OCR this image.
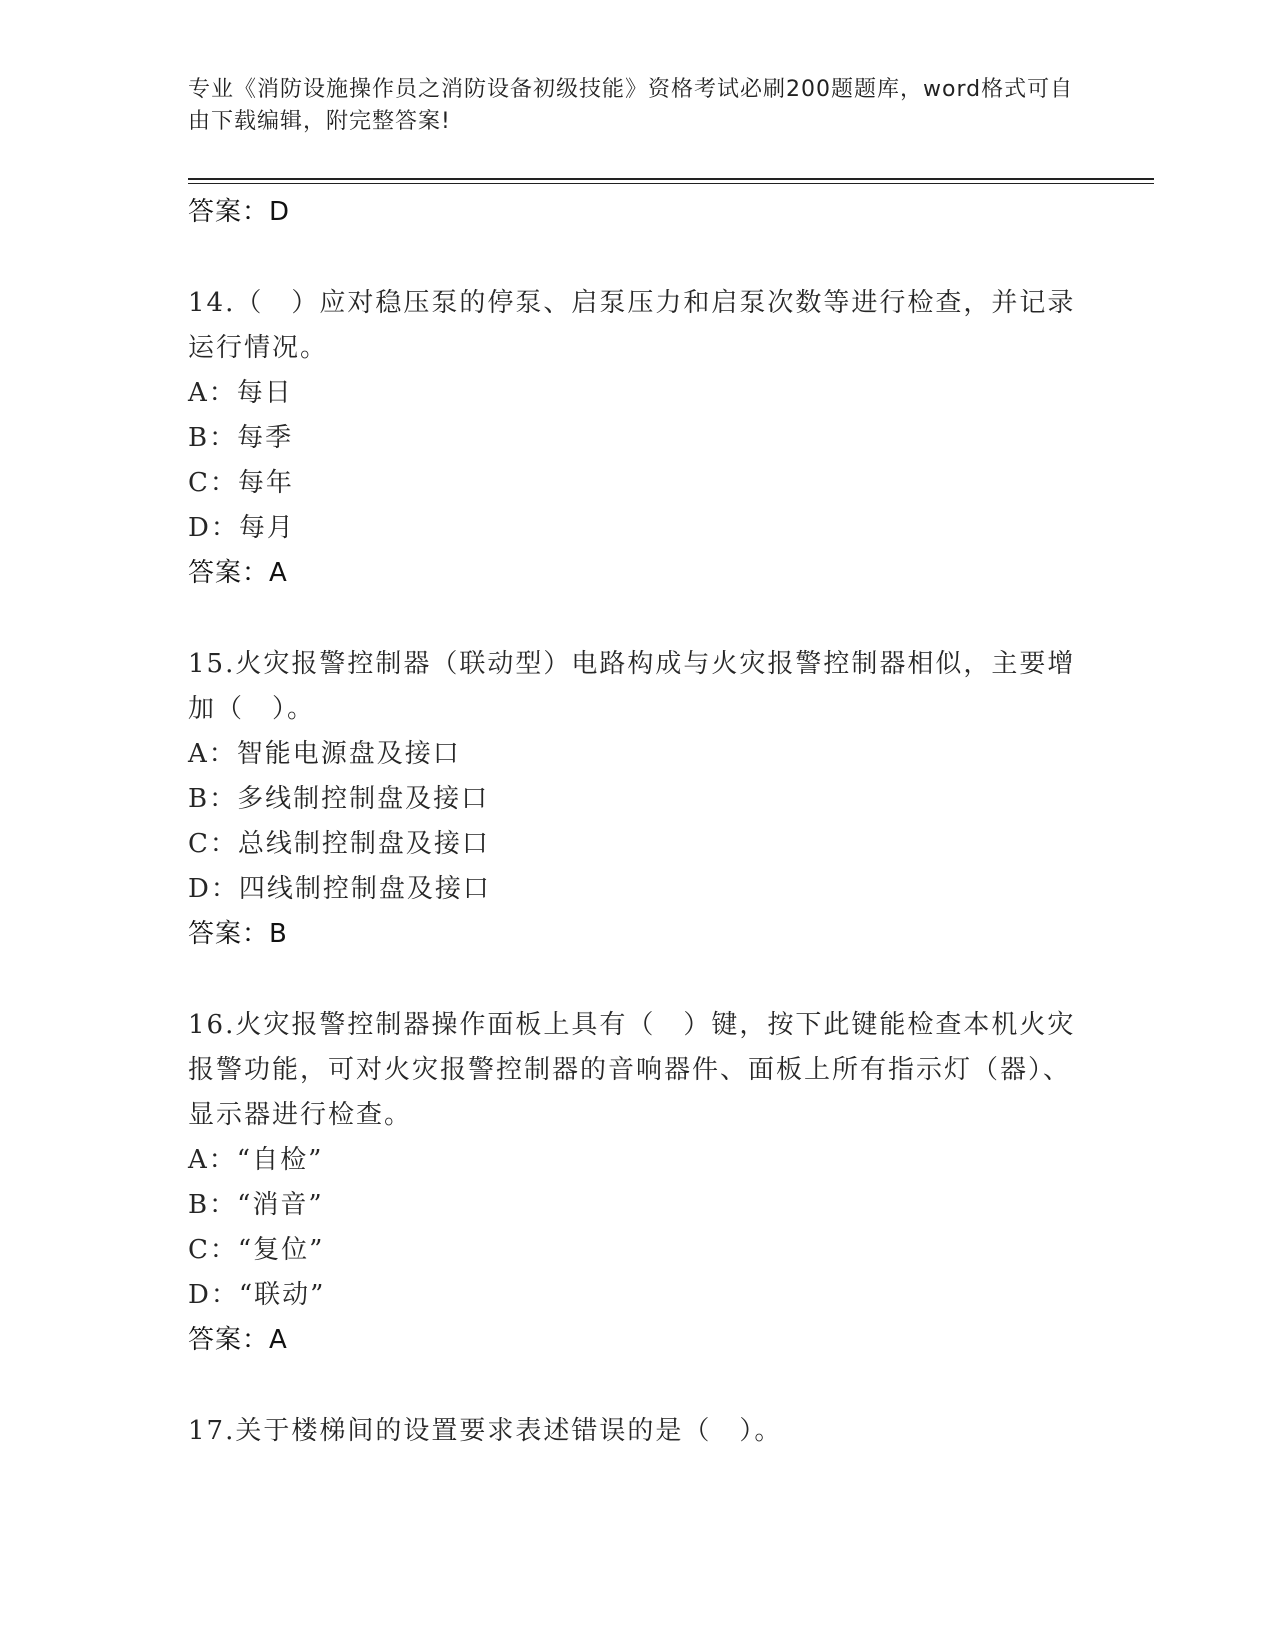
专业《消防设施操作员之消防设备初级技能》资格考试必刷200题题库，word格式可自由下载编辑，附完整答案!
答案：D

14.（　）应对稳压泵的停泵、启泵压力和启泵次数等进行检查，并记录运行情况。

A：每日

B：每季

C：每年

D：每月

答案：A

15.火灾报警控制器（联动型）电路构成与火灾报警控制器相似，主要增加（　）。

A：智能电源盘及接口

B：多线制控制盘及接口

C：总线制控制盘及接口

D：四线制控制盘及接口

答案：B

16.火灾报警控制器操作面板上具有（　）键，按下此键能检查本机火灾报警功能，可对火灾报警控制器的音响器件、面板上所有指示灯（器）、显示器进行检查。

A：“自检”

B：“消音”

C：“复位”

D：“联动”

答案：A

17.关于楼梯间的设置要求表述错误的是（　）。
